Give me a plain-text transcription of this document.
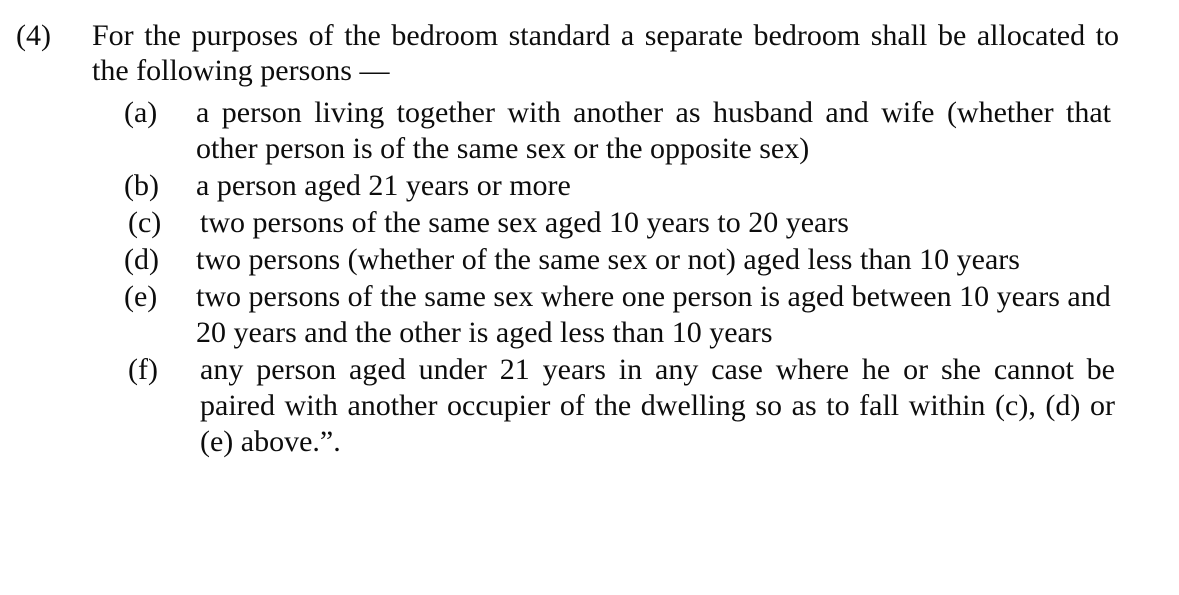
(4)	For the purposes of the bedroom standard a separate bedroom shall be allocated to the following persons —
(a)	a person living together with another as husband and wife (whether that other person is of the same sex or the opposite sex)
(b)	a person aged 21 years or more
(c)	two persons of the same sex aged 10 years to 20 years
(d)	two persons (whether of the same sex or not) aged less than 10 years
(e)	two persons of the same sex where one person is aged between 10 years and 20 years and the other is aged less than 10 years
(f)	any person aged under 21 years in any case where he or she cannot be paired with another occupier of the dwelling so as to fall within (c), (d) or (e) above.”.
